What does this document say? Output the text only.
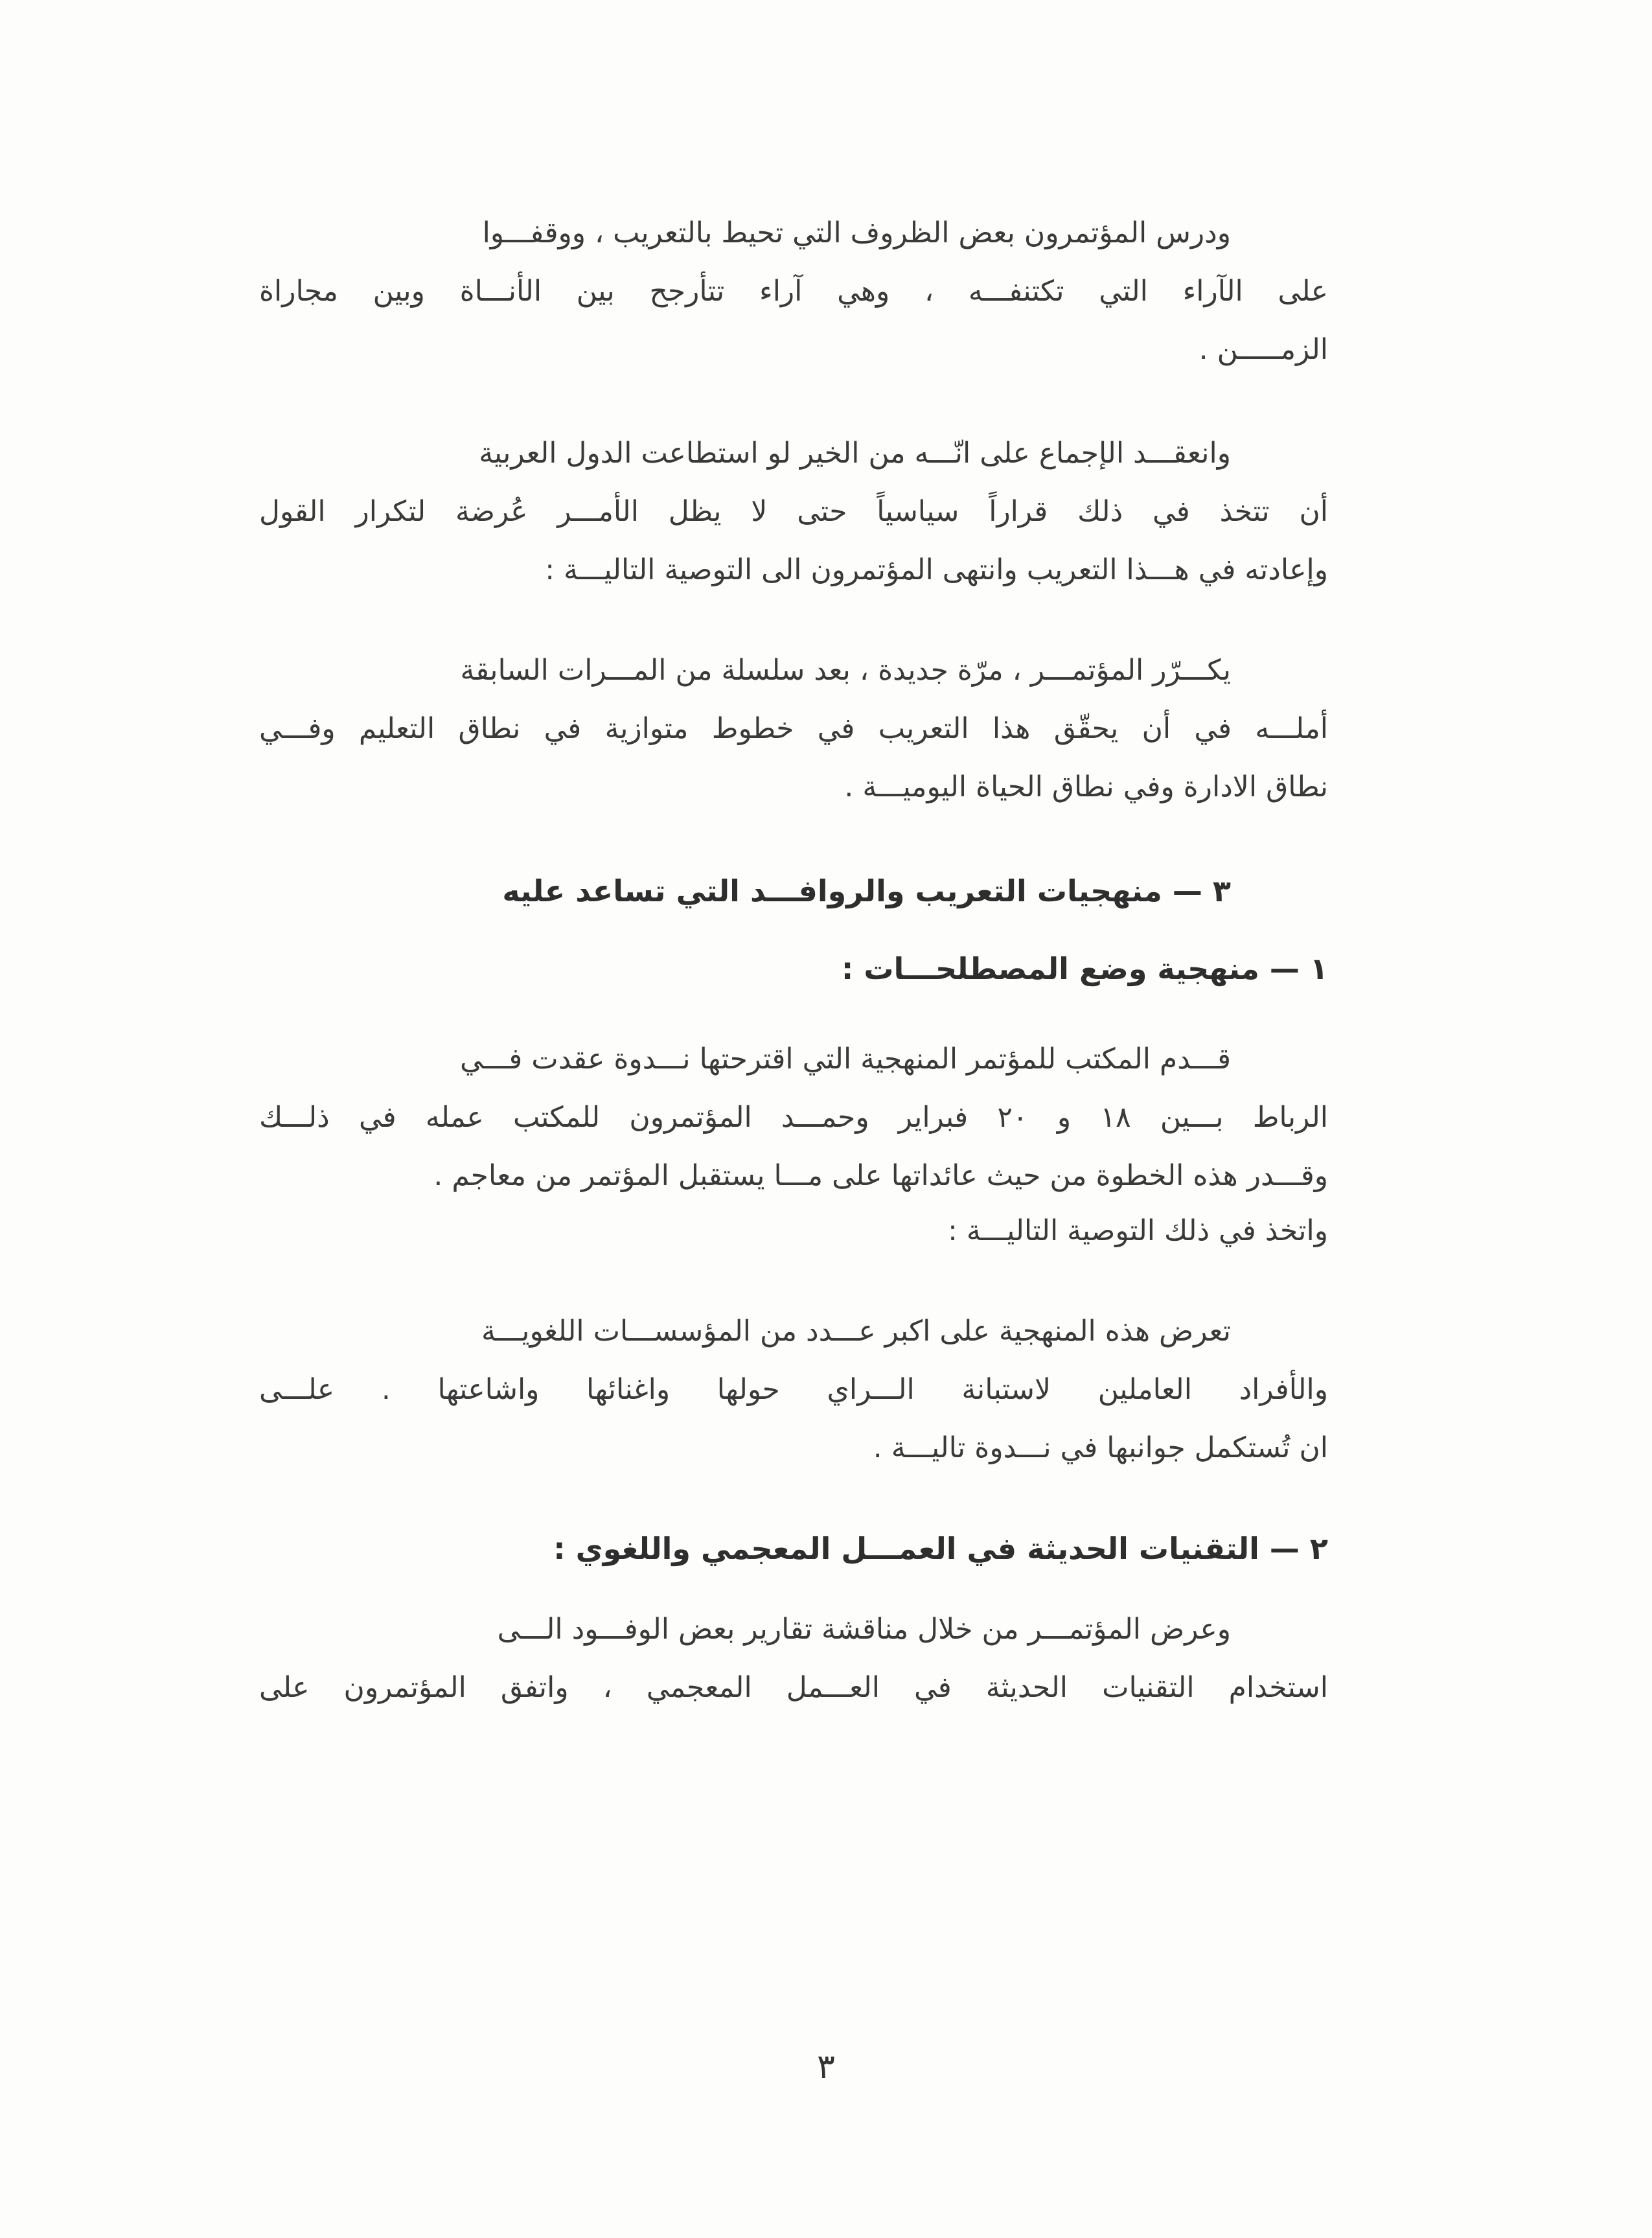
ودرس المؤتمرون بعض الظروف التي تحيط بالتعريب ، ووقفـــوا
على الآراء التي تكتنفـــه ، وهي آراء تتأرجح بين الأنـــاة وبين مجاراة
الزمـــــن .
وانعقـــد الإجماع على انّـــه من الخير لو استطاعت الدول العربية
أن تتخذ في ذلك قراراً سياسياً حتى لا يظل الأمـــر عُرضة لتكرار القول
وإعادته في هـــذا التعريب وانتهى المؤتمرون الى التوصية التاليـــة :
يكـــرّر المؤتمـــر ، مرّة جديدة ، بعد سلسلة من المـــرات السابقة
أملـــه في أن يحقّق هذا التعريب في خطوط متوازية في نطاق التعليم وفـــي
نطاق الادارة وفي نطاق الحياة اليوميـــة .
٣ — منهجيات التعريب والروافـــد التي تساعد عليه
١ — منهجية وضع المصطلحـــات :
قـــدم المكتب للمؤتمر المنهجية التي اقترحتها نـــدوة عقدت فـــي
الرباط بـــين ١٨ و ٢٠ فبراير وحمـــد المؤتمرون للمكتب عمله في ذلـــك
وقـــدر هذه الخطوة من حيث عائداتها على مـــا يستقبل المؤتمر من معاجم .
واتخذ في ذلك التوصية التاليـــة :
تعرض هذه المنهجية على اكبر عـــدد من المؤسســـات اللغويـــة
والأفراد العاملين لاستبانة الـــراي حولها واغنائها واشاعتها . علـــى
ان تُستكمل جوانبها في نـــدوة تاليـــة .
٢ — التقنيات الحديثة في العمـــل المعجمي واللغوي :
وعرض المؤتمـــر من خلال مناقشة تقارير بعض الوفـــود الـــى
استخدام التقنيات الحديثة في العـــمل المعجمي ، واتفق المؤتمرون على
٣
